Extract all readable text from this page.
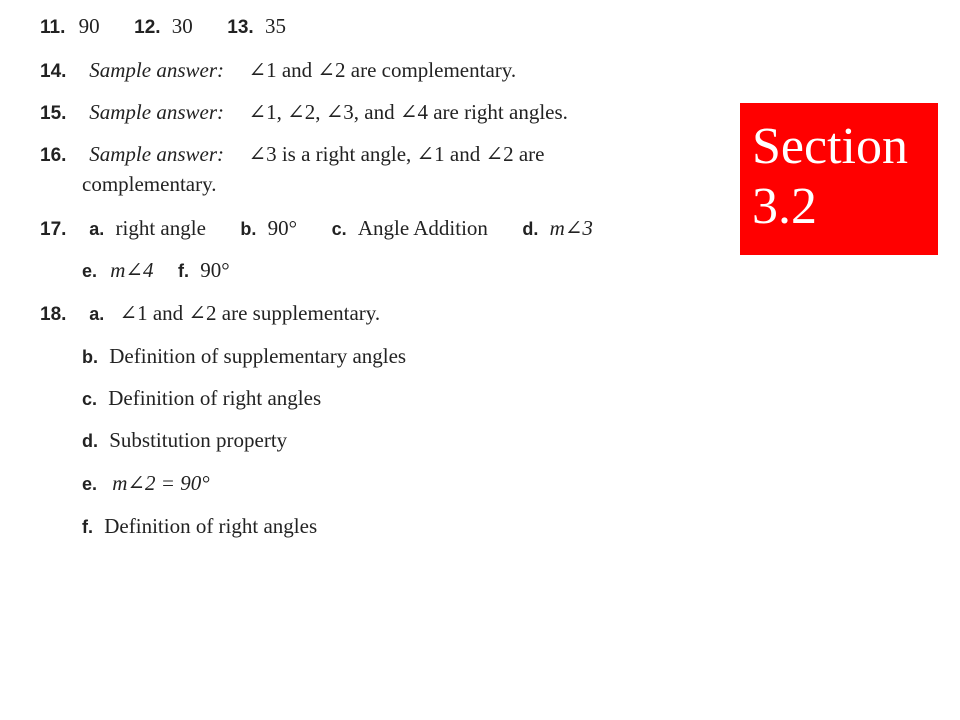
11. 90 12. 30 13. 35
14. Sample answer: ∠1 and ∠2 are complementary.
15. Sample answer: ∠1, ∠2, ∠3, and ∠4 are right angles.
16. Sample answer: ∠3 is a right angle, ∠1 and ∠2 are
complementary.
17. a. right angle b. 90° c. Angle Addition d. m∠3
e. m∠4 f. 90°
18. a. ∠1 and ∠2 are supplementary.
b. Definition of supplementary angles
c. Definition of right angles
d. Substitution property
e. m∠2 = 90°
f. Definition of right angles
Section
3.2
